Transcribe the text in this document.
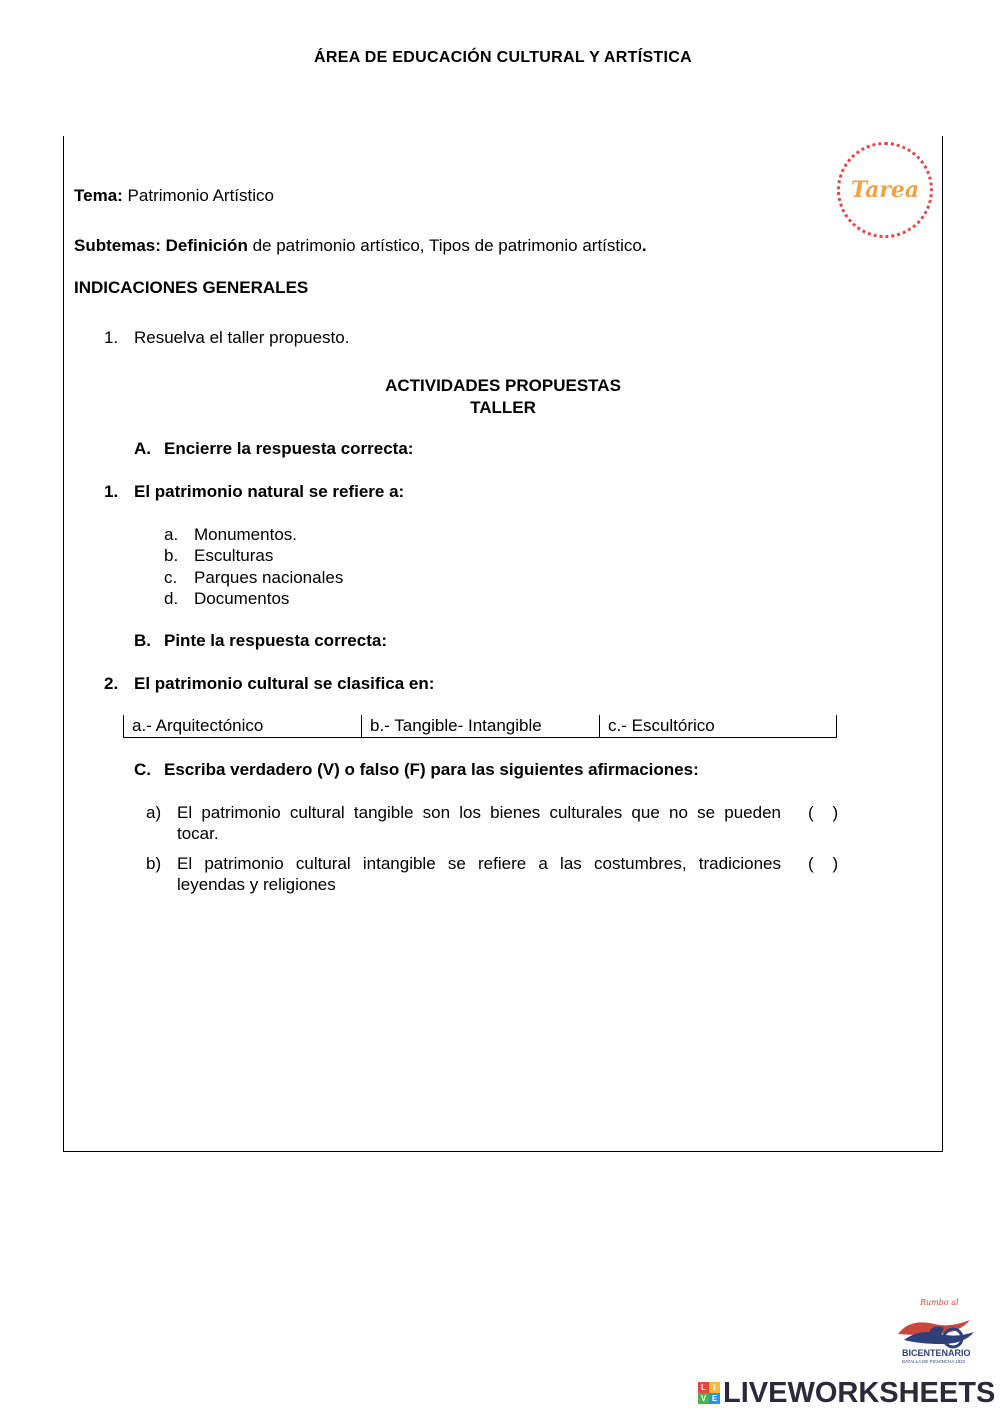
ÁREA DE EDUCACIÓN CULTURAL Y ARTÍSTICA
Tarea
Tema: Patrimonio Artístico
Subtemas: Definición de patrimonio artístico, Tipos de patrimonio artístico.
INDICACIONES GENERALES
1. Resuelva el taller propuesto.
ACTIVIDADES PROPUESTAS
TALLER
A. Encierre la respuesta correcta:
1. El patrimonio natural se refiere a:
a. Monumentos.
b. Esculturas
c. Parques nacionales
d. Documentos
B. Pinte la respuesta correcta:
2. El patrimonio cultural se clasifica en:
a.- Arquitectónico	b.- Tangible- Intangible	c.- Escultórico
C. Escriba verdadero (V) o falso (F) para las siguientes afirmaciones:
a) El patrimonio cultural tangible son los bienes culturales que no se pueden
tocar.
(    )
b) El patrimonio cultural intangible se refiere a las costumbres, tradiciones
leyendas y religiones
(    )
Rumbo al
BICENTENARIO
BATALLA DE PICHINCHA 1822
L I
V E LIVEWORKSHEETS
